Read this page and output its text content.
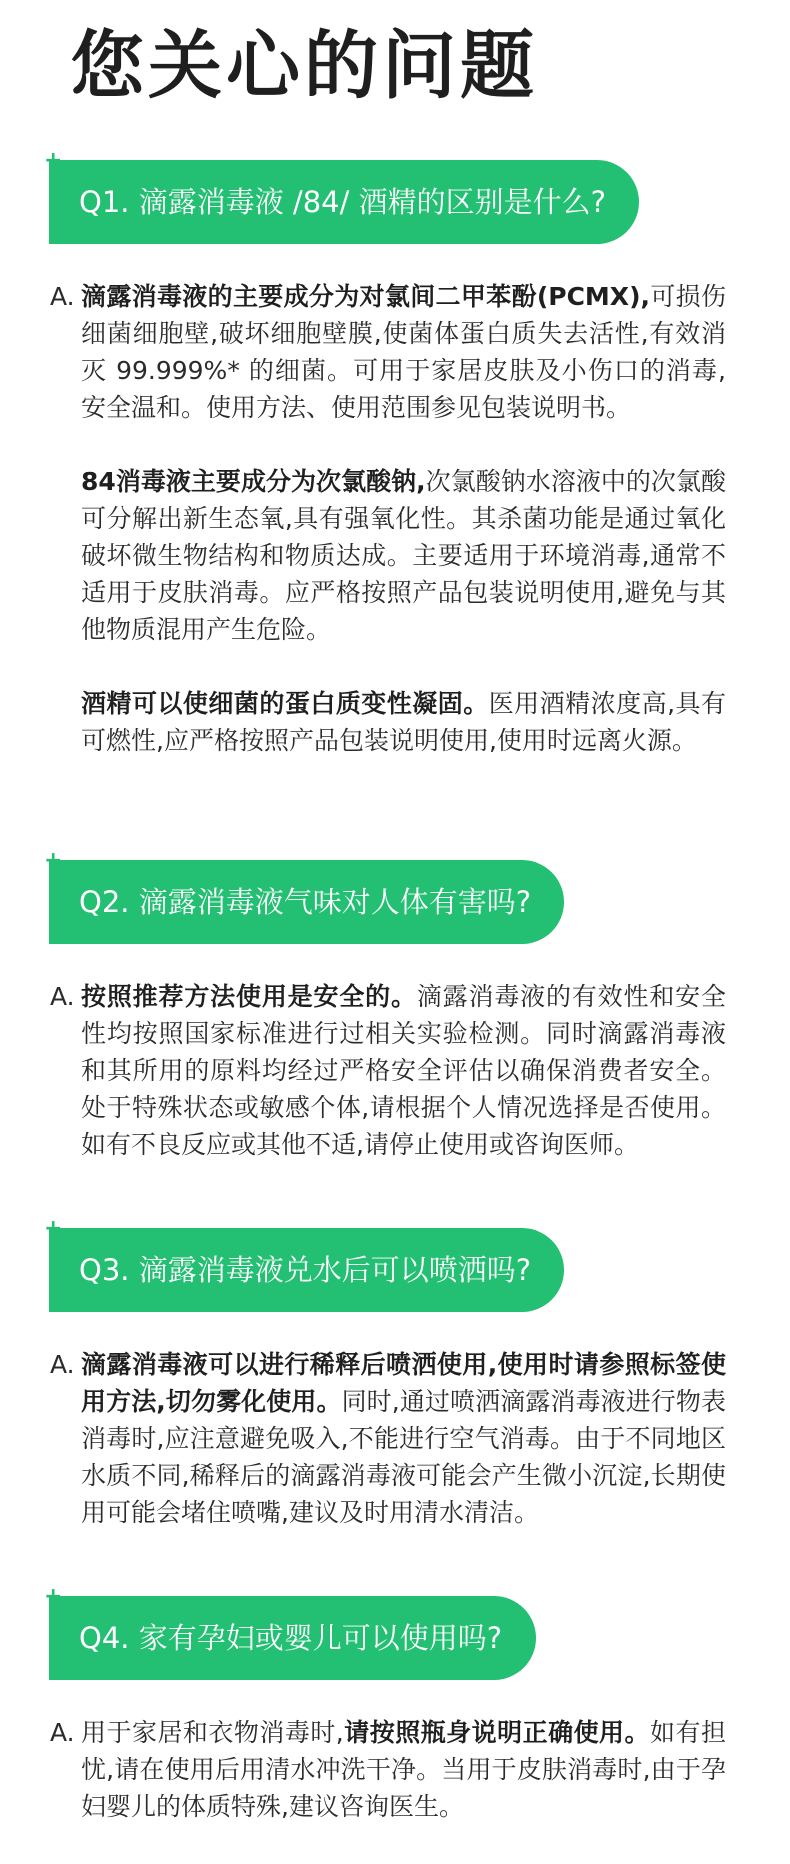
您关心的问题
+
Q1. 滴露消毒液 /84/ 酒精的区别是什么?
A. 滴露消毒液的主要成分为对氯间二甲苯酚(PCMX),可损伤细菌细胞壁,破坏细胞壁膜,使菌体蛋白质失去活性,有效消灭 99.999%* 的细菌。可用于家居皮肤及小伤口的消毒,安全温和。使用方法、使用范围参见包装说明书。

84消毒液主要成分为次氯酸钠,次氯酸钠水溶液中的次氯酸可分解出新生态氧,具有强氧化性。其杀菌功能是通过氧化破坏微生物结构和物质达成。主要适用于环境消毒,通常不适用于皮肤消毒。应严格按照产品包装说明使用,避免与其他物质混用产生危险。

酒精可以使细菌的蛋白质变性凝固。医用酒精浓度高,具有可燃性,应严格按照产品包装说明使用,使用时远离火源。

+
Q2. 滴露消毒液气味对人体有害吗?
A. 按照推荐方法使用是安全的。滴露消毒液的有效性和安全性均按照国家标准进行过相关实验检测。同时滴露消毒液和其所用的原料均经过严格安全评估以确保消费者安全。处于特殊状态或敏感个体,请根据个人情况选择是否使用。如有不良反应或其他不适,请停止使用或咨询医师。

+
Q3. 滴露消毒液兑水后可以喷洒吗?
A. 滴露消毒液可以进行稀释后喷洒使用,使用时请参照标签使用方法,切勿雾化使用。同时,通过喷洒滴露消毒液进行物表消毒时,应注意避免吸入,不能进行空气消毒。由于不同地区水质不同,稀释后的滴露消毒液可能会产生微小沉淀,长期使用可能会堵住喷嘴,建议及时用清水清洁。

+
Q4. 家有孕妇或婴儿可以使用吗?
A. 用于家居和衣物消毒时,请按照瓶身说明正确使用。如有担忧,请在使用后用清水冲洗干净。当用于皮肤消毒时,由于孕妇婴儿的体质特殊,建议咨询医生。
